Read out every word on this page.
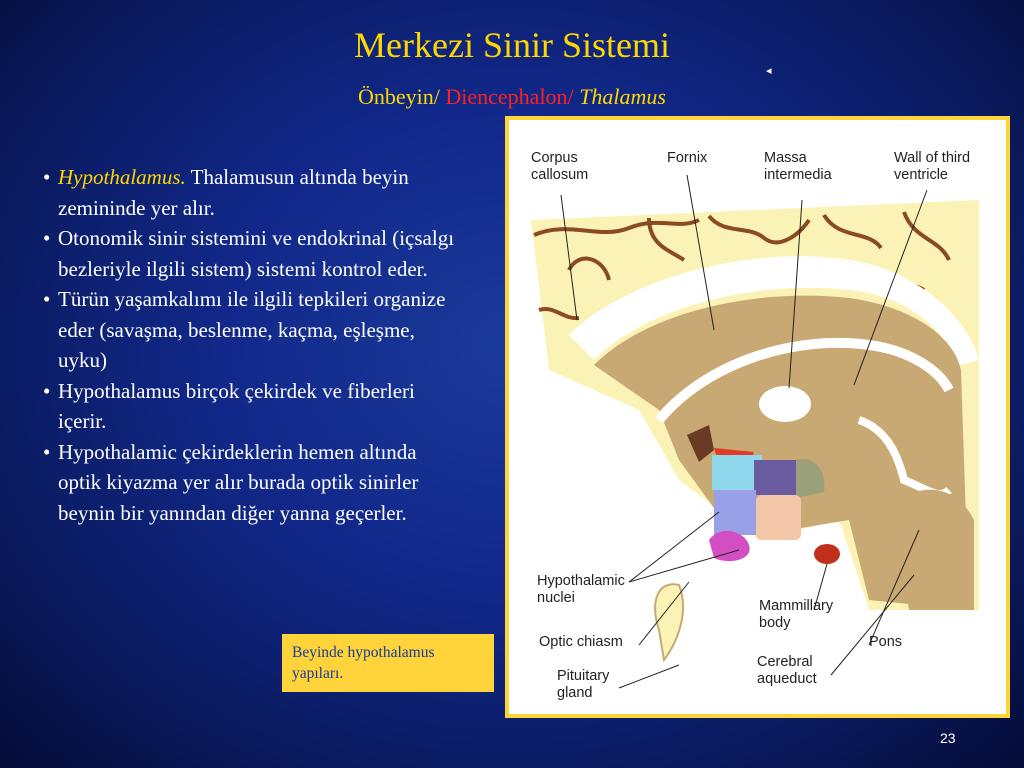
Merkezi Sinir Sistemi
Önbeyin/ Diencephalon/ Thalamus
◂
• Hypothalamus. Thalamusun altında beyin zemininde yer alır.
• Otonomik sinir sistemini ve endokrinal (içsalgı bezleriyle ilgili sistem) sistemi kontrol eder.
• Türün yaşamkalımı ile ilgili tepkileri organize eder (savaşma, beslenme, kaçma, eşleşme, uyku)
• Hypothalamus birçok çekirdek ve fiberleri içerir.
• Hypothalamic çekirdeklerin hemen altında optik kiyazma yer alır burada optik sinirler beynin bir yanından diğer yanna geçerler.
Corpus
callosum
Fornix	Massa
intermedia
Wall of third
ventricle
Hypothalamic
nuclei
Optic chiasm
Pituitary
gland
Mammillary
body
Pons
Cerebral
aqueduct
Beyinde hypothalamus yapıları.
23
